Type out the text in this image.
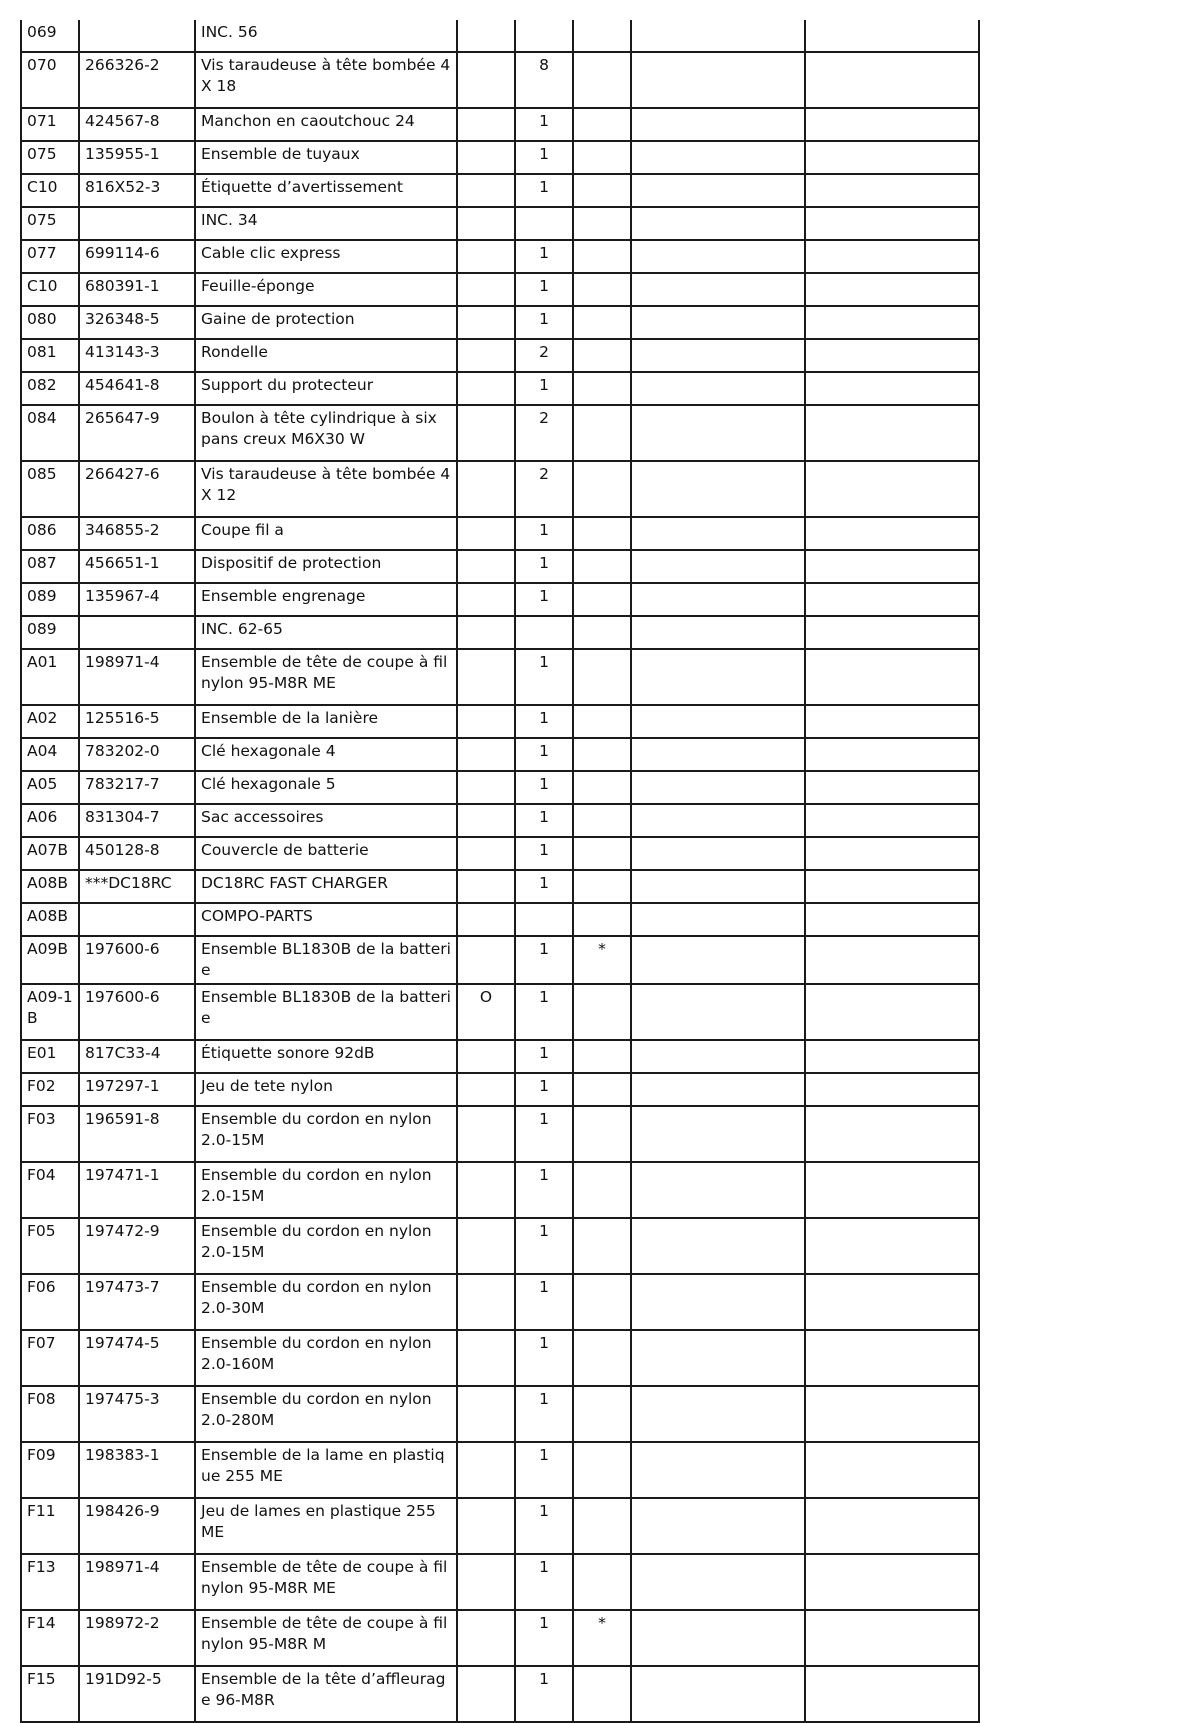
069		INC. 56					
070	266326-2	Vis taraudeuse à tête bombée 4X 18		8			
071	424567-8	Manchon en caoutchouc 24		1			
075	135955-1	Ensemble de tuyaux		1			
C10	816X52-3	Étiquette d’avertissement		1			
075		INC. 34					
077	699114-6	Cable clic express		1			
C10	680391-1	Feuille-éponge		1			
080	326348-5	Gaine de protection		1			
081	413143-3	Rondelle		2			
082	454641-8	Support du protecteur		1			
084	265647-9	Boulon à tête cylindrique à six pans creux M6X30 W		2			
085	266427-6	Vis taraudeuse à tête bombée 4X 12		2			
086	346855-2	Coupe fil a		1			
087	456651-1	Dispositif de protection		1			
089	135967-4	Ensemble engrenage		1			
089		INC. 62-65					
A01	198971-4	Ensemble de tête de coupe à fil nylon 95-M8R ME		1			
A02	125516-5	Ensemble de la lanière		1			
A04	783202-0	Clé hexagonale 4		1			
A05	783217-7	Clé hexagonale 5		1			
A06	831304-7	Sac accessoires		1			
A07B	450128-8	Couvercle de batterie		1			
A08B	***DC18RC	DC18RC FAST CHARGER		1			
A08B		COMPO-PARTS					
A09B	197600-6	Ensemble BL1830B de la batterie		1	*		
A09-1B	197600-6	Ensemble BL1830B de la batterie	O	1			
E01	817C33-4	Étiquette sonore 92dB		1			
F02	197297-1	Jeu de tete nylon		1			
F03	196591-8	Ensemble du cordon en nylon 2.0-15M		1			
F04	197471-1	Ensemble du cordon en nylon 2.0-15M		1			
F05	197472-9	Ensemble du cordon en nylon 2.0-15M		1			
F06	197473-7	Ensemble du cordon en nylon 2.0-30M		1			
F07	197474-5	Ensemble du cordon en nylon 2.0-160M		1			
F08	197475-3	Ensemble du cordon en nylon 2.0-280M		1			
F09	198383-1	Ensemble de la lame en plastique 255 ME		1			
F11	198426-9	Jeu de lames en plastique 255 ME		1			
F13	198971-4	Ensemble de tête de coupe à fil nylon 95-M8R ME		1			
F14	198972-2	Ensemble de tête de coupe à fil nylon 95-M8R M		1	*		
F15	191D92-5	Ensemble de la tête d’affleurage 96-M8R		1			
